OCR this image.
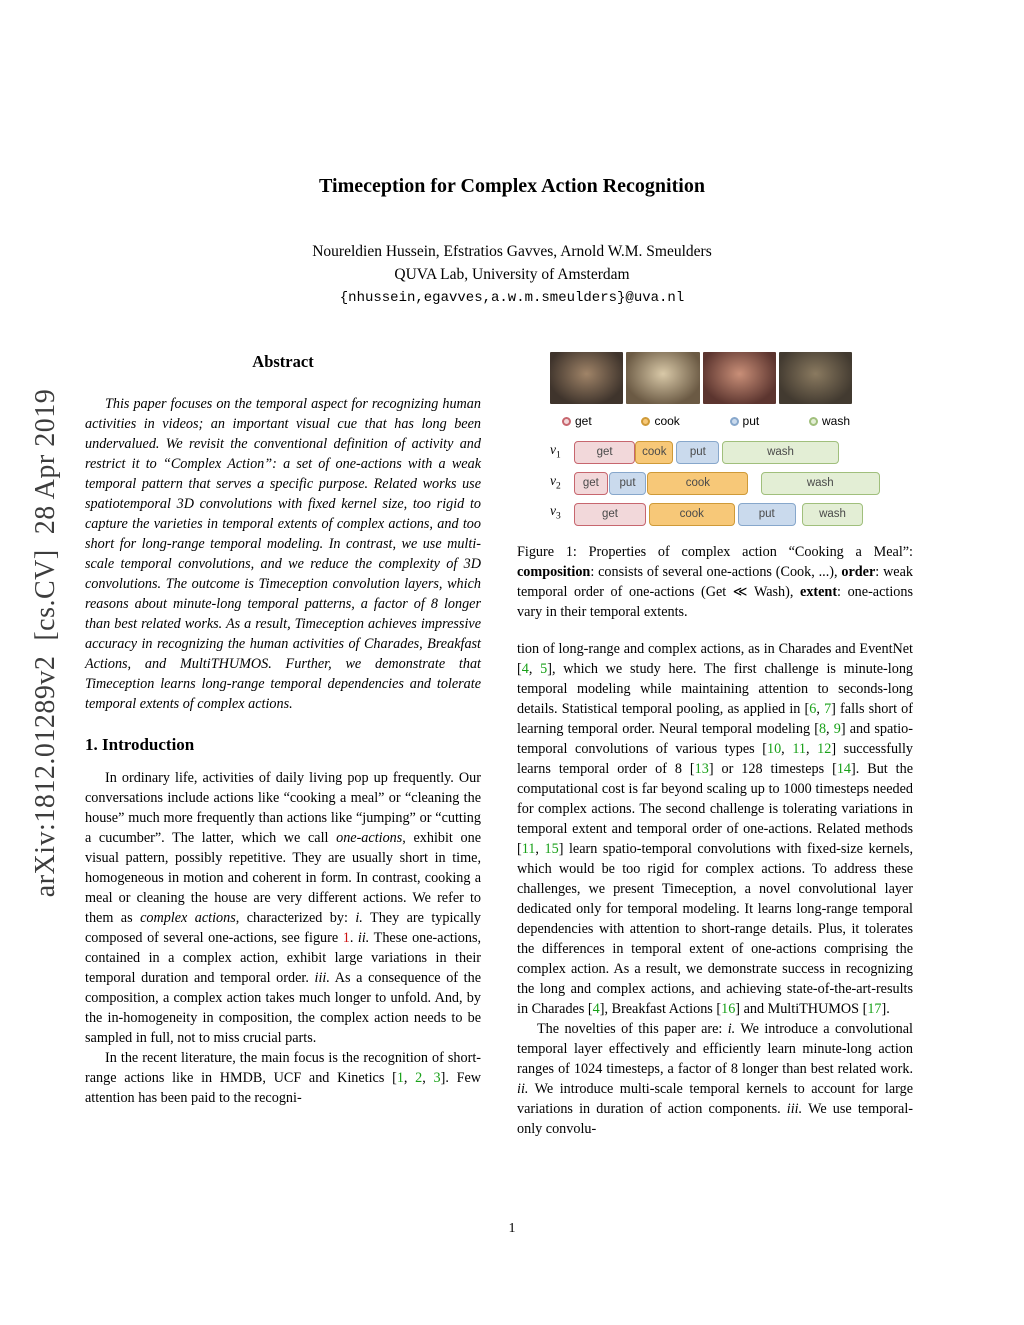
arXiv:1812.01289v2  [cs.CV]  28 Apr 2019
Timeception for Complex Action Recognition
Noureldien Hussein, Efstratios Gavves, Arnold W.M. Smeulders
QUVA Lab, University of Amsterdam
{nhussein,egavves,a.w.m.smeulders}@uva.nl
Abstract

This paper focuses on the temporal aspect for recognizing human activities in videos; an important visual cue that has long been undervalued. We revisit the conventional definition of activity and restrict it to “Complex Action”: a set of one-actions with a weak temporal pattern that serves a specific purpose. Related works use spatiotemporal 3D convolutions with fixed kernel size, too rigid to capture the varieties in temporal extents of complex actions, and too short for long-range temporal modeling. In contrast, we use multi-scale temporal convolutions, and we reduce the complexity of 3D convolutions. The outcome is Timeception convolution layers, which reasons about minute-long temporal patterns, a factor of 8 longer than best related works. As a result, Timeception achieves impressive accuracy in recognizing the human activities of Charades, Breakfast Actions, and MultiTHUMOS. Further, we demonstrate that Timeception learns long-range temporal dependencies and tolerate temporal extents of complex actions.

1. Introduction

In ordinary life, activities of daily living pop up frequently. Our conversations include actions like “cooking a meal” or “cleaning the house” much more frequently than actions like “jumping” or “cutting a cucumber”. The latter, which we call one-actions, exhibit one visual pattern, possibly repetitive. They are usually short in time, homogeneous in motion and coherent in form. In contrast, cooking a meal or cleaning the house are very different actions. We refer to them as complex actions, characterized by: i. They are typically composed of several one-actions, see figure 1. ii. These one-actions, contained in a complex action, exhibit large variations in their temporal duration and temporal order. iii. As a consequence of the composition, a complex action takes much longer to unfold. And, by the in-homogeneity in composition, the complex action needs to be sampled in full, not to miss crucial parts.

In the recent literature, the main focus is the recognition of short-range actions like in HMDB, UCF and Kinetics [1, 2, 3]. Few attention has been paid to the recogni-

get	cook	put	wash
$v_1$	get	cook	put	wash
$v_2$	get	put	cook	wash
$v_3$	get	cook	put	wash

Figure 1: Properties of complex action “Cooking a Meal”: composition: consists of several one-actions (Cook, ...), order: weak temporal order of one-actions (Get ≪ Wash), extent: one-actions vary in their temporal extents.

tion of long-range and complex actions, as in Charades and EventNet [4, 5], which we study here. The first challenge is minute-long temporal modeling while maintaining attention to seconds-long details. Statistical temporal pooling, as applied in [6, 7] falls short of learning temporal order. Neural temporal modeling [8, 9] and spatio-temporal convolutions of various types [10, 11, 12] successfully learns temporal order of 8 [13] or 128 timesteps [14]. But the computational cost is far beyond scaling up to 1000 timesteps needed for complex actions. The second challenge is tolerating variations in temporal extent and temporal order of one-actions. Related methods [11, 15] learn spatio-temporal convolutions with fixed-size kernels, which would be too rigid for complex actions. To address these challenges, we present Timeception, a novel convolutional layer dedicated only for temporal modeling. It learns long-range temporal dependencies with attention to short-range details. Plus, it tolerates the differences in temporal extent of one-actions comprising the complex action. As a result, we demonstrate success in recognizing the long and complex actions, and achieving state-of-the-art-results in Charades [4], Breakfast Actions [16] and MultiTHUMOS [17].

The novelties of this paper are: i. We introduce a convolutional temporal layer effectively and efficiently learn minute-long action ranges of 1024 timesteps, a factor of 8 longer than best related work. ii. We introduce multi-scale temporal kernels to account for large variations in duration of action components. iii. We use temporal-only convolu-

1
